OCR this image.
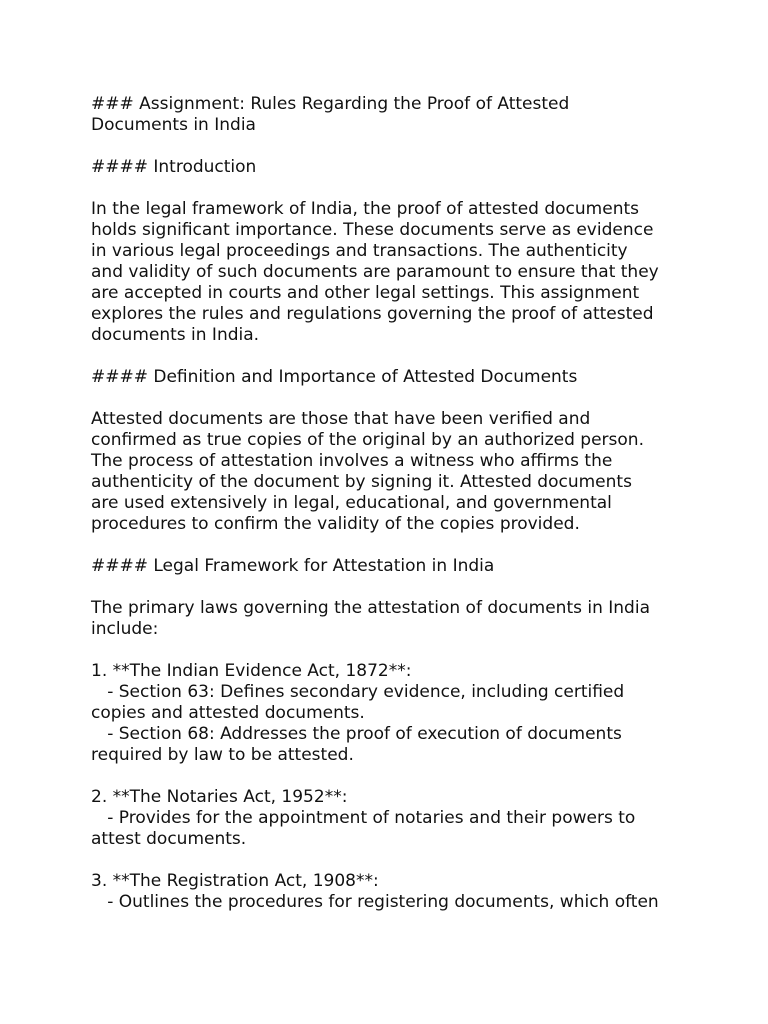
### Assignment: Rules Regarding the Proof of Attested
Documents in India
#### Introduction
In the legal framework of India, the proof of attested documents
holds significant importance. These documents serve as evidence
in various legal proceedings and transactions. The authenticity
and validity of such documents are paramount to ensure that they
are accepted in courts and other legal settings. This assignment
explores the rules and regulations governing the proof of attested
documents in India.
#### Definition and Importance of Attested Documents
Attested documents are those that have been verified and
confirmed as true copies of the original by an authorized person.
The process of attestation involves a witness who affirms the
authenticity of the document by signing it. Attested documents
are used extensively in legal, educational, and governmental
procedures to confirm the validity of the copies provided.
#### Legal Framework for Attestation in India
The primary laws governing the attestation of documents in India
include:
1. **The Indian Evidence Act, 1872**:
- Section 63: Defines secondary evidence, including certified
copies and attested documents.
- Section 68: Addresses the proof of execution of documents
required by law to be attested.
2. **The Notaries Act, 1952**:
- Provides for the appointment of notaries and their powers to
attest documents.
3. **The Registration Act, 1908**:
- Outlines the procedures for registering documents, which often
